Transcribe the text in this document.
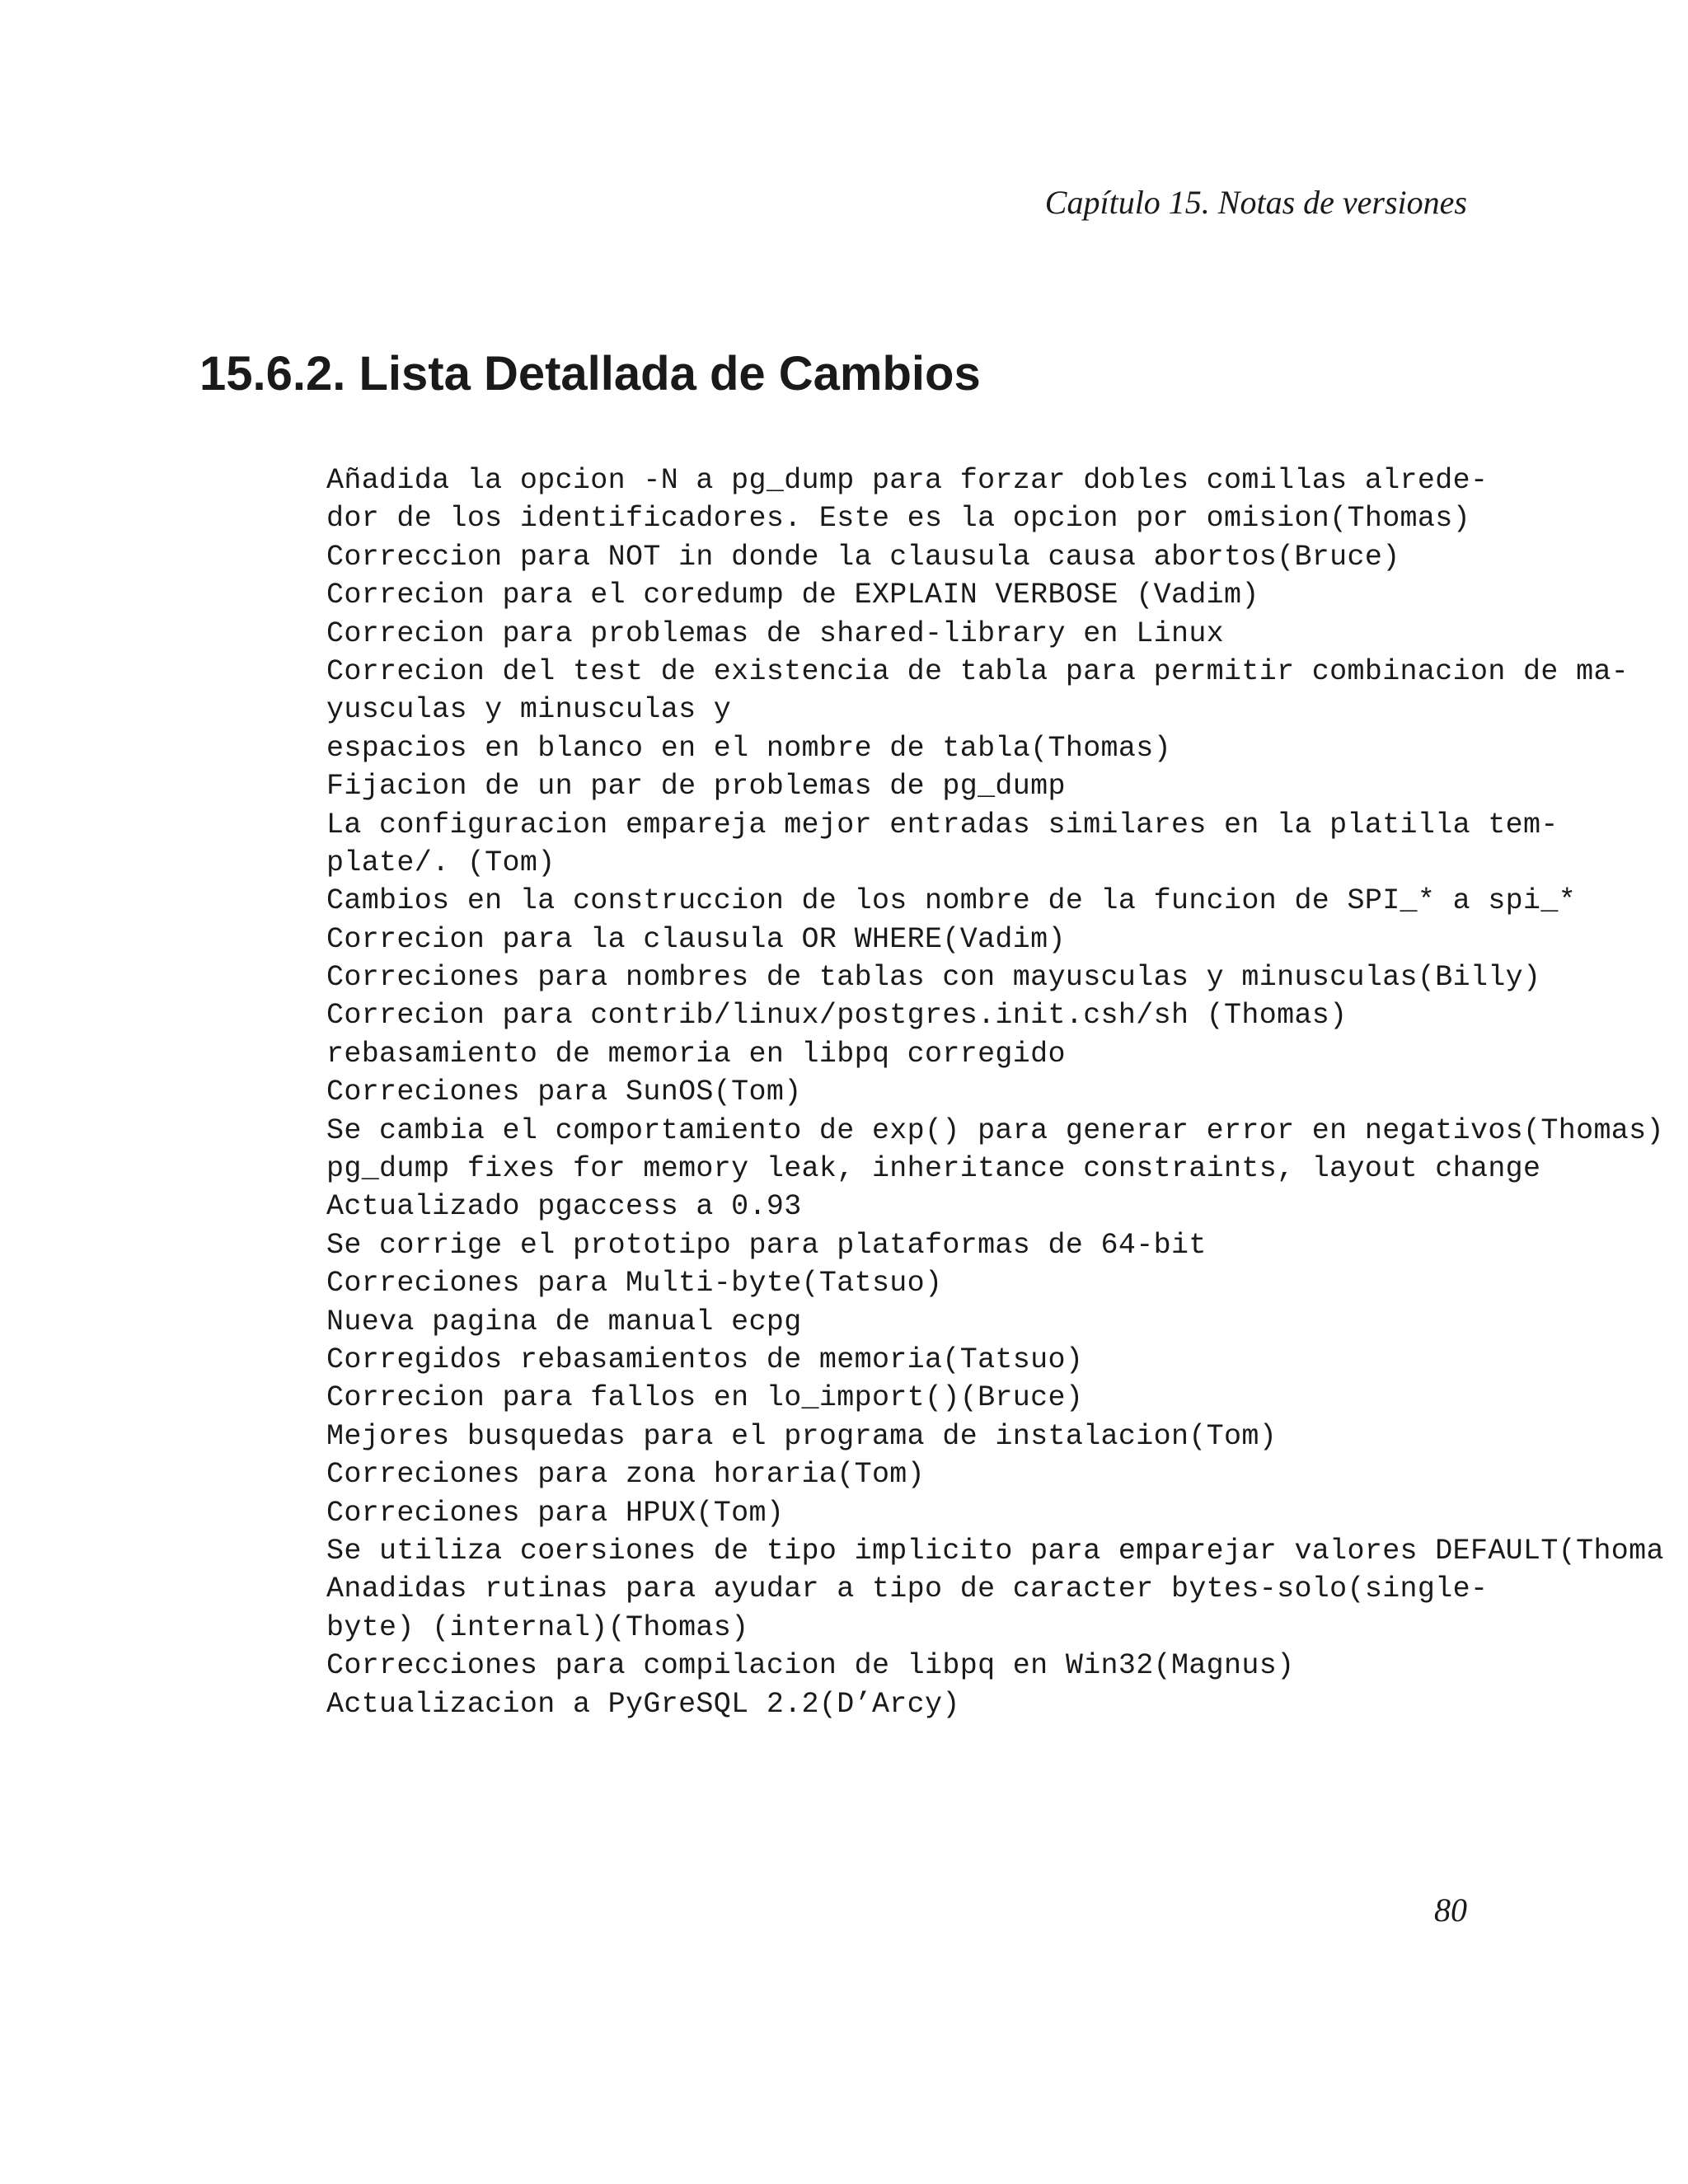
Capítulo 15. Notas de versiones
15.6.2. Lista Detallada de Cambios
Añadida la opcion -N a pg_dump para forzar dobles comillas alrede-
dor de los identificadores. Este es la opcion por omision(Thomas)
Correccion para NOT in donde la clausula causa abortos(Bruce)
Correcion para el coredump de EXPLAIN VERBOSE (Vadim)
Correcion para problemas de shared-library en Linux
Correcion del test de existencia de tabla para permitir combinacion de ma-
yusculas y minusculas y
espacios en blanco en el nombre de tabla(Thomas)
Fijacion de un par de problemas de pg_dump
La configuracion empareja mejor entradas similares en la platilla tem-
plate/. (Tom)
Cambios en la construccion de los nombre de la funcion de SPI_* a spi_*
Correcion para la clausula OR WHERE(Vadim)
Correciones para nombres de tablas con mayusculas y minusculas(Billy)
Correcion para contrib/linux/postgres.init.csh/sh (Thomas)
rebasamiento de memoria en libpq corregido
Correciones para SunOS(Tom)
Se cambia el comportamiento de exp() para generar error en negativos(Thomas)
pg_dump fixes for memory leak, inheritance constraints, layout change
Actualizado pgaccess a 0.93
Se corrige el prototipo para plataformas de 64-bit
Correciones para Multi-byte(Tatsuo)
Nueva pagina de manual ecpg
Corregidos rebasamientos de memoria(Tatsuo)
Correcion para fallos en lo_import()(Bruce)
Mejores busquedas para el programa de instalacion(Tom)
Correciones para zona horaria(Tom)
Correciones para HPUX(Tom)
Se utiliza coersiones de tipo implicito para emparejar valores DEFAULT(Thoma
Anadidas rutinas para ayudar a tipo de caracter bytes-solo(single-
byte) (internal)(Thomas)
Correcciones para compilacion de libpq en Win32(Magnus)
Actualizacion a PyGreSQL 2.2(D’Arcy)
80
